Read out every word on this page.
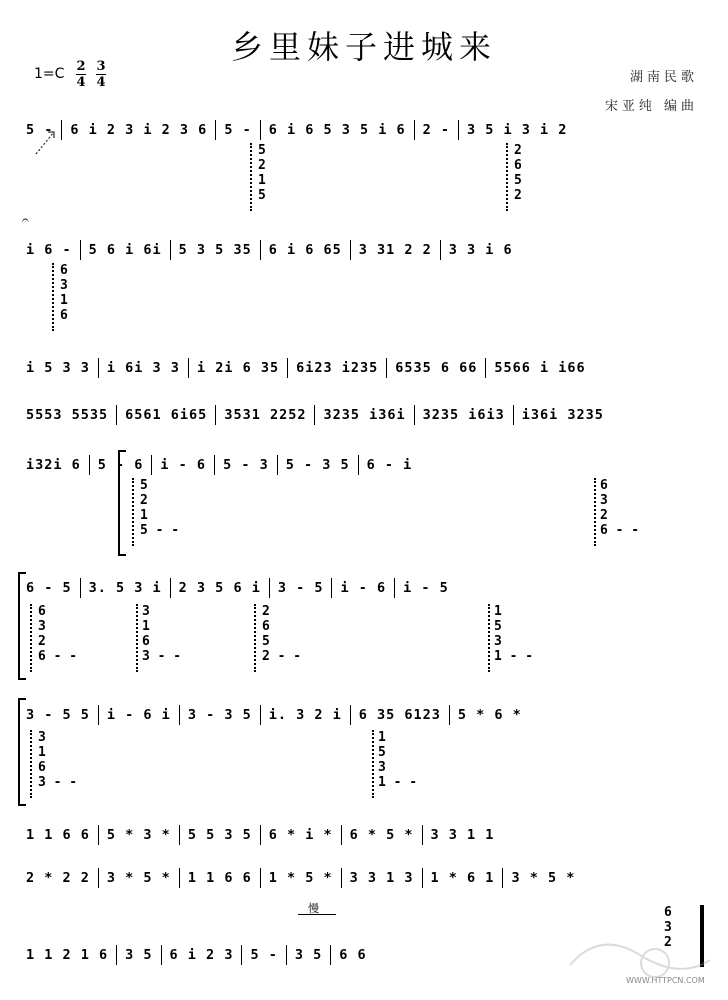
乡里妹子进城来
1=C 2
4
3
4	湖南民歌
宋亚纯 编曲
𝄐
5 - 6 i 2 3 i 2 3 6 5 - 6 i 6 5 3 5 i 6 2 - 3 5 i 3 i 2
i 6 - 5 6 i 6i 5 3 5 35 6 i 6 65 3 31 2 2 3 3 i 6
i 5 3 3 i 6i 3 3 i 2i 6 35 6i23 i235 6535 6 66 5566 i i66
5553 5535 6561 6i65 3531 2252 3235 i36i 3235 i6i3 i36i 3235
i32i 6 5 - 6 i - 6 5 - 3 5 - 3 5 6 - i
6 - 5 3. 5 3 i 2 3 5 6 i 3 - 5 i - 6 i - 5
3 - 5 5 i - 6 i 3 - 3 5 i. 3 2 i 6 35 6123 5 * 6 *
1 1 6 6 5 * 3 * 5 5 3 5 6 * i * 6 * 5 * 3 3 1 1
2 * 2 2 3 * 5 * 1 1 6 6 1 * 5 * 3 3 1 3 1 * 6 1 3 * 5 *
1 1 2 1 6 3 5 6 i 2 3 5 - 3 5 6 6
5
2
1
5
2
6
5
2
6
3
1
6
5
2
1
5 - -
6
3
2
6 - -
6
3
2
6 - -
3
1
6
3 - -
2
6
5
2 - -
1
5
3
1 - -
3
1
6
3 - -
1
5
3
1 - -
慢	6
3
2
WWW.HTTPCN.COM
